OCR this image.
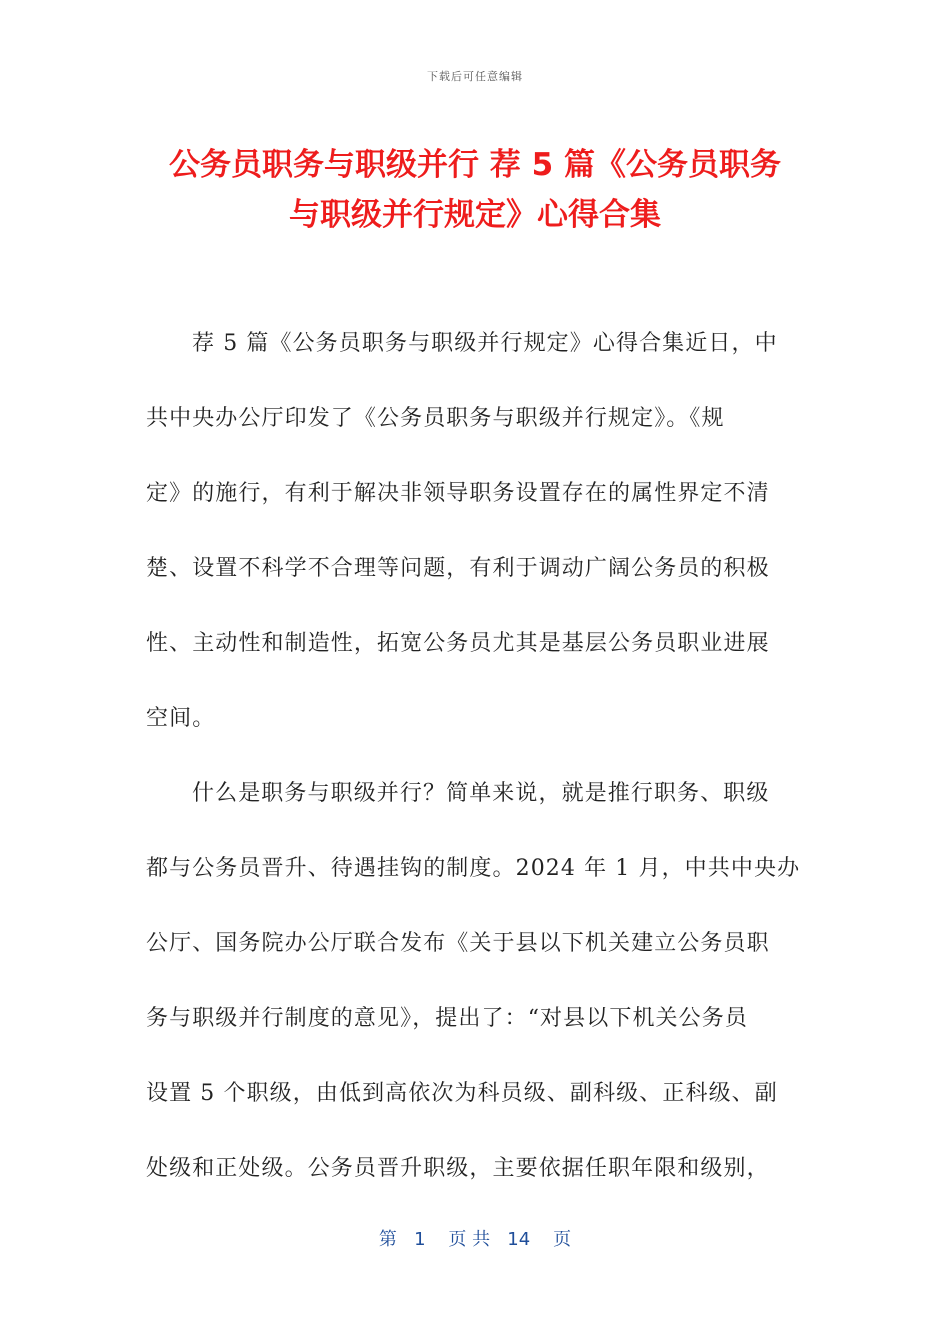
下载后可任意编辑
公务员职务与职级并行 荐 5 篇《公务员职务
与职级并行规定》心得合集
荐 5 篇《公务员职务与职级并行规定》心得合集近日，中
共中央办公厅印发了《公务员职务与职级并行规定》。《规
定》的施行，有利于解决非领导职务设置存在的属性界定不清
楚、设置不科学不合理等问题，有利于调动广阔公务员的积极
性、主动性和制造性，拓宽公务员尤其是基层公务员职业进展
空间。
什么是职务与职级并行？简单来说，就是推行职务、职级
都与公务员晋升、待遇挂钩的制度。2024 年 1 月，中共中央办
公厅、国务院办公厅联合发布《关于县以下机关建立公务员职
务与职级并行制度的意见》，提出了：“对县以下机关公务员
设置 5 个职级，由低到高依次为科员级、副科级、正科级、副
处级和正处级。公务员晋升职级，主要依据任职年限和级别，
第   1    页 共   14    页
